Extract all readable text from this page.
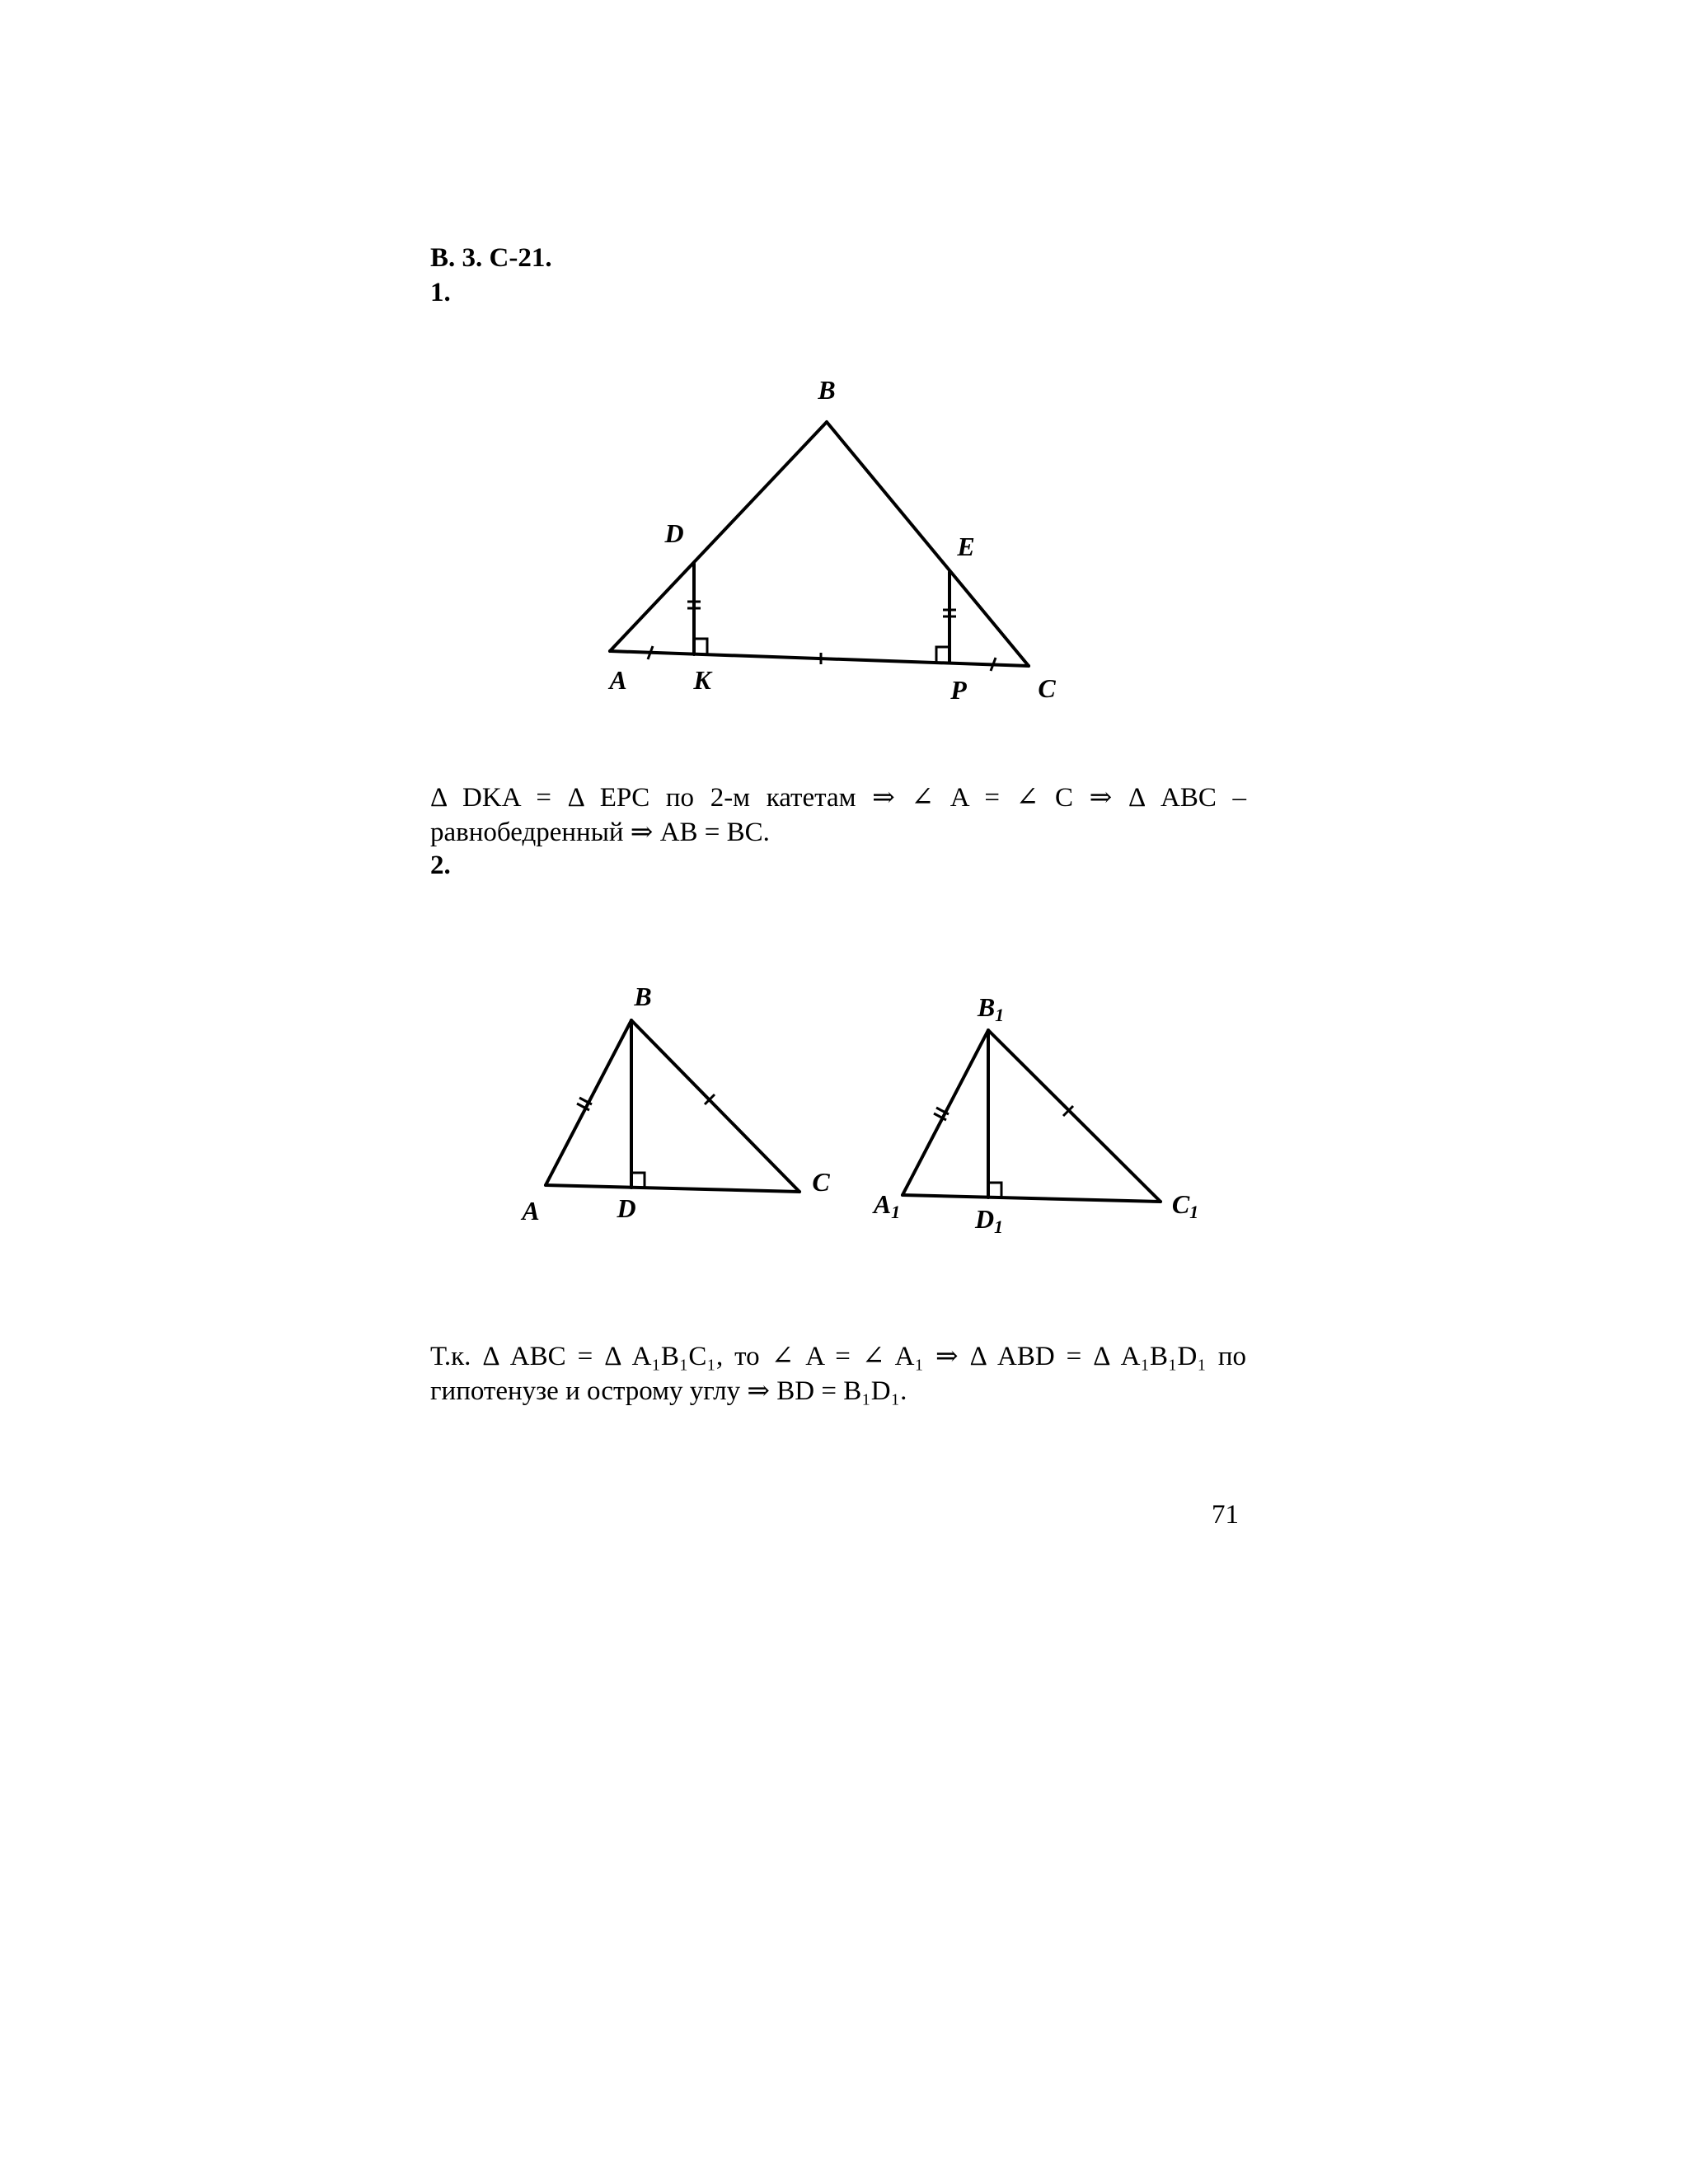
В. 3. С-21.
1.
B
D	E
A	K	P	C
Δ DKA = Δ EPC по 2-м катетам ⇒ ∠ A = ∠ C ⇒ Δ ABC –
равнобедренный ⇒ AB = BC.
2.
B
A	D
C
B1
A1	D1
C1
Т.к. Δ ABC = Δ A₁B₁C₁, то ∠ A = ∠ A₁ ⇒ Δ ABD = Δ A₁B₁D₁ по
гипотенузе и острому углу ⇒ BD = B₁D₁.
71
